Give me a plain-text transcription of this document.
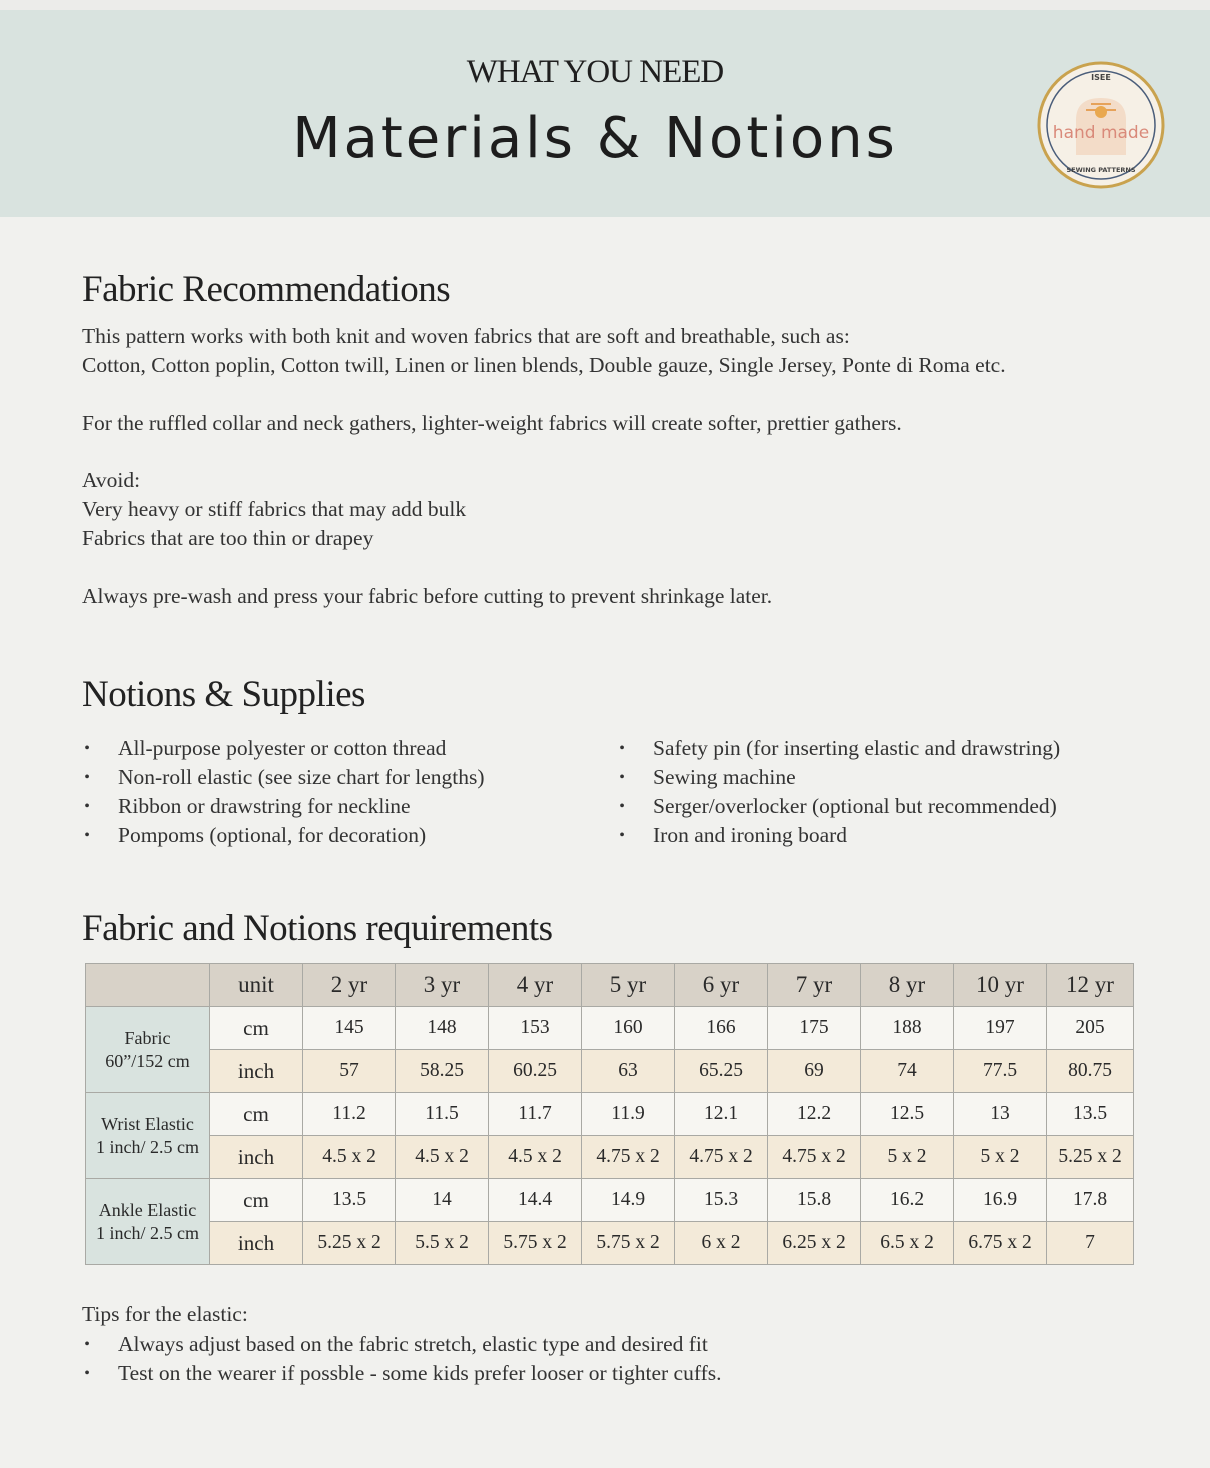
WHAT YOU NEED
Materials & Notions
ISEE
hand made
SEWING PATTERNS
Fabric Recommendations
This pattern works with both knit and woven fabrics that are soft and breathable, such as:
Cotton, Cotton poplin, Cotton twill, Linen or linen blends, Double gauze, Single Jersey, Ponte di Roma etc.
For the ruffled collar and neck gathers, lighter-weight fabrics will create softer, prettier gathers.
Avoid:
Very heavy or stiff fabrics that may add bulk
Fabrics that are too thin or drapey
Always pre-wash and press your fabric before cutting to prevent shrinkage later.
Notions & Supplies
• All-purpose polyester or cotton thread
• Non-roll elastic (see size chart for lengths)
• Ribbon or drawstring for neckline
• Pompoms (optional, for decoration)
• Safety pin (for inserting elastic and drawstring)
• Sewing machine
• Serger/overlocker (optional but recommended)
• Iron and ironing board
Fabric and Notions requirements
	unit	2 yr	3 yr	4 yr	5 yr	6 yr	7 yr	8 yr	10 yr	12 yr
Fabric
60”/152 cm	cm	145	148	153	160	166	175	188	197	205
	inch	57	58.25	60.25	63	65.25	69	74	77.5	80.75
Wrist Elastic
1 inch/ 2.5 cm	cm	11.2	11.5	11.7	11.9	12.1	12.2	12.5	13	13.5
	inch	4.5 x 2	4.5 x 2	4.5 x 2	4.75 x 2	4.75 x 2	4.75 x 2	5 x 2	5 x 2	5.25 x 2
Ankle Elastic
1 inch/ 2.5 cm	cm	13.5	14	14.4	14.9	15.3	15.8	16.2	16.9	17.8
	inch	5.25 x 2	5.5 x 2	5.75 x 2	5.75 x 2	6 x 2	6.25 x 2	6.5 x 2	6.75 x 2	7
Tips for the elastic:
• Always adjust based on the fabric stretch, elastic type and desired fit
• Test on the wearer if possble - some kids prefer looser or tighter cuffs.
